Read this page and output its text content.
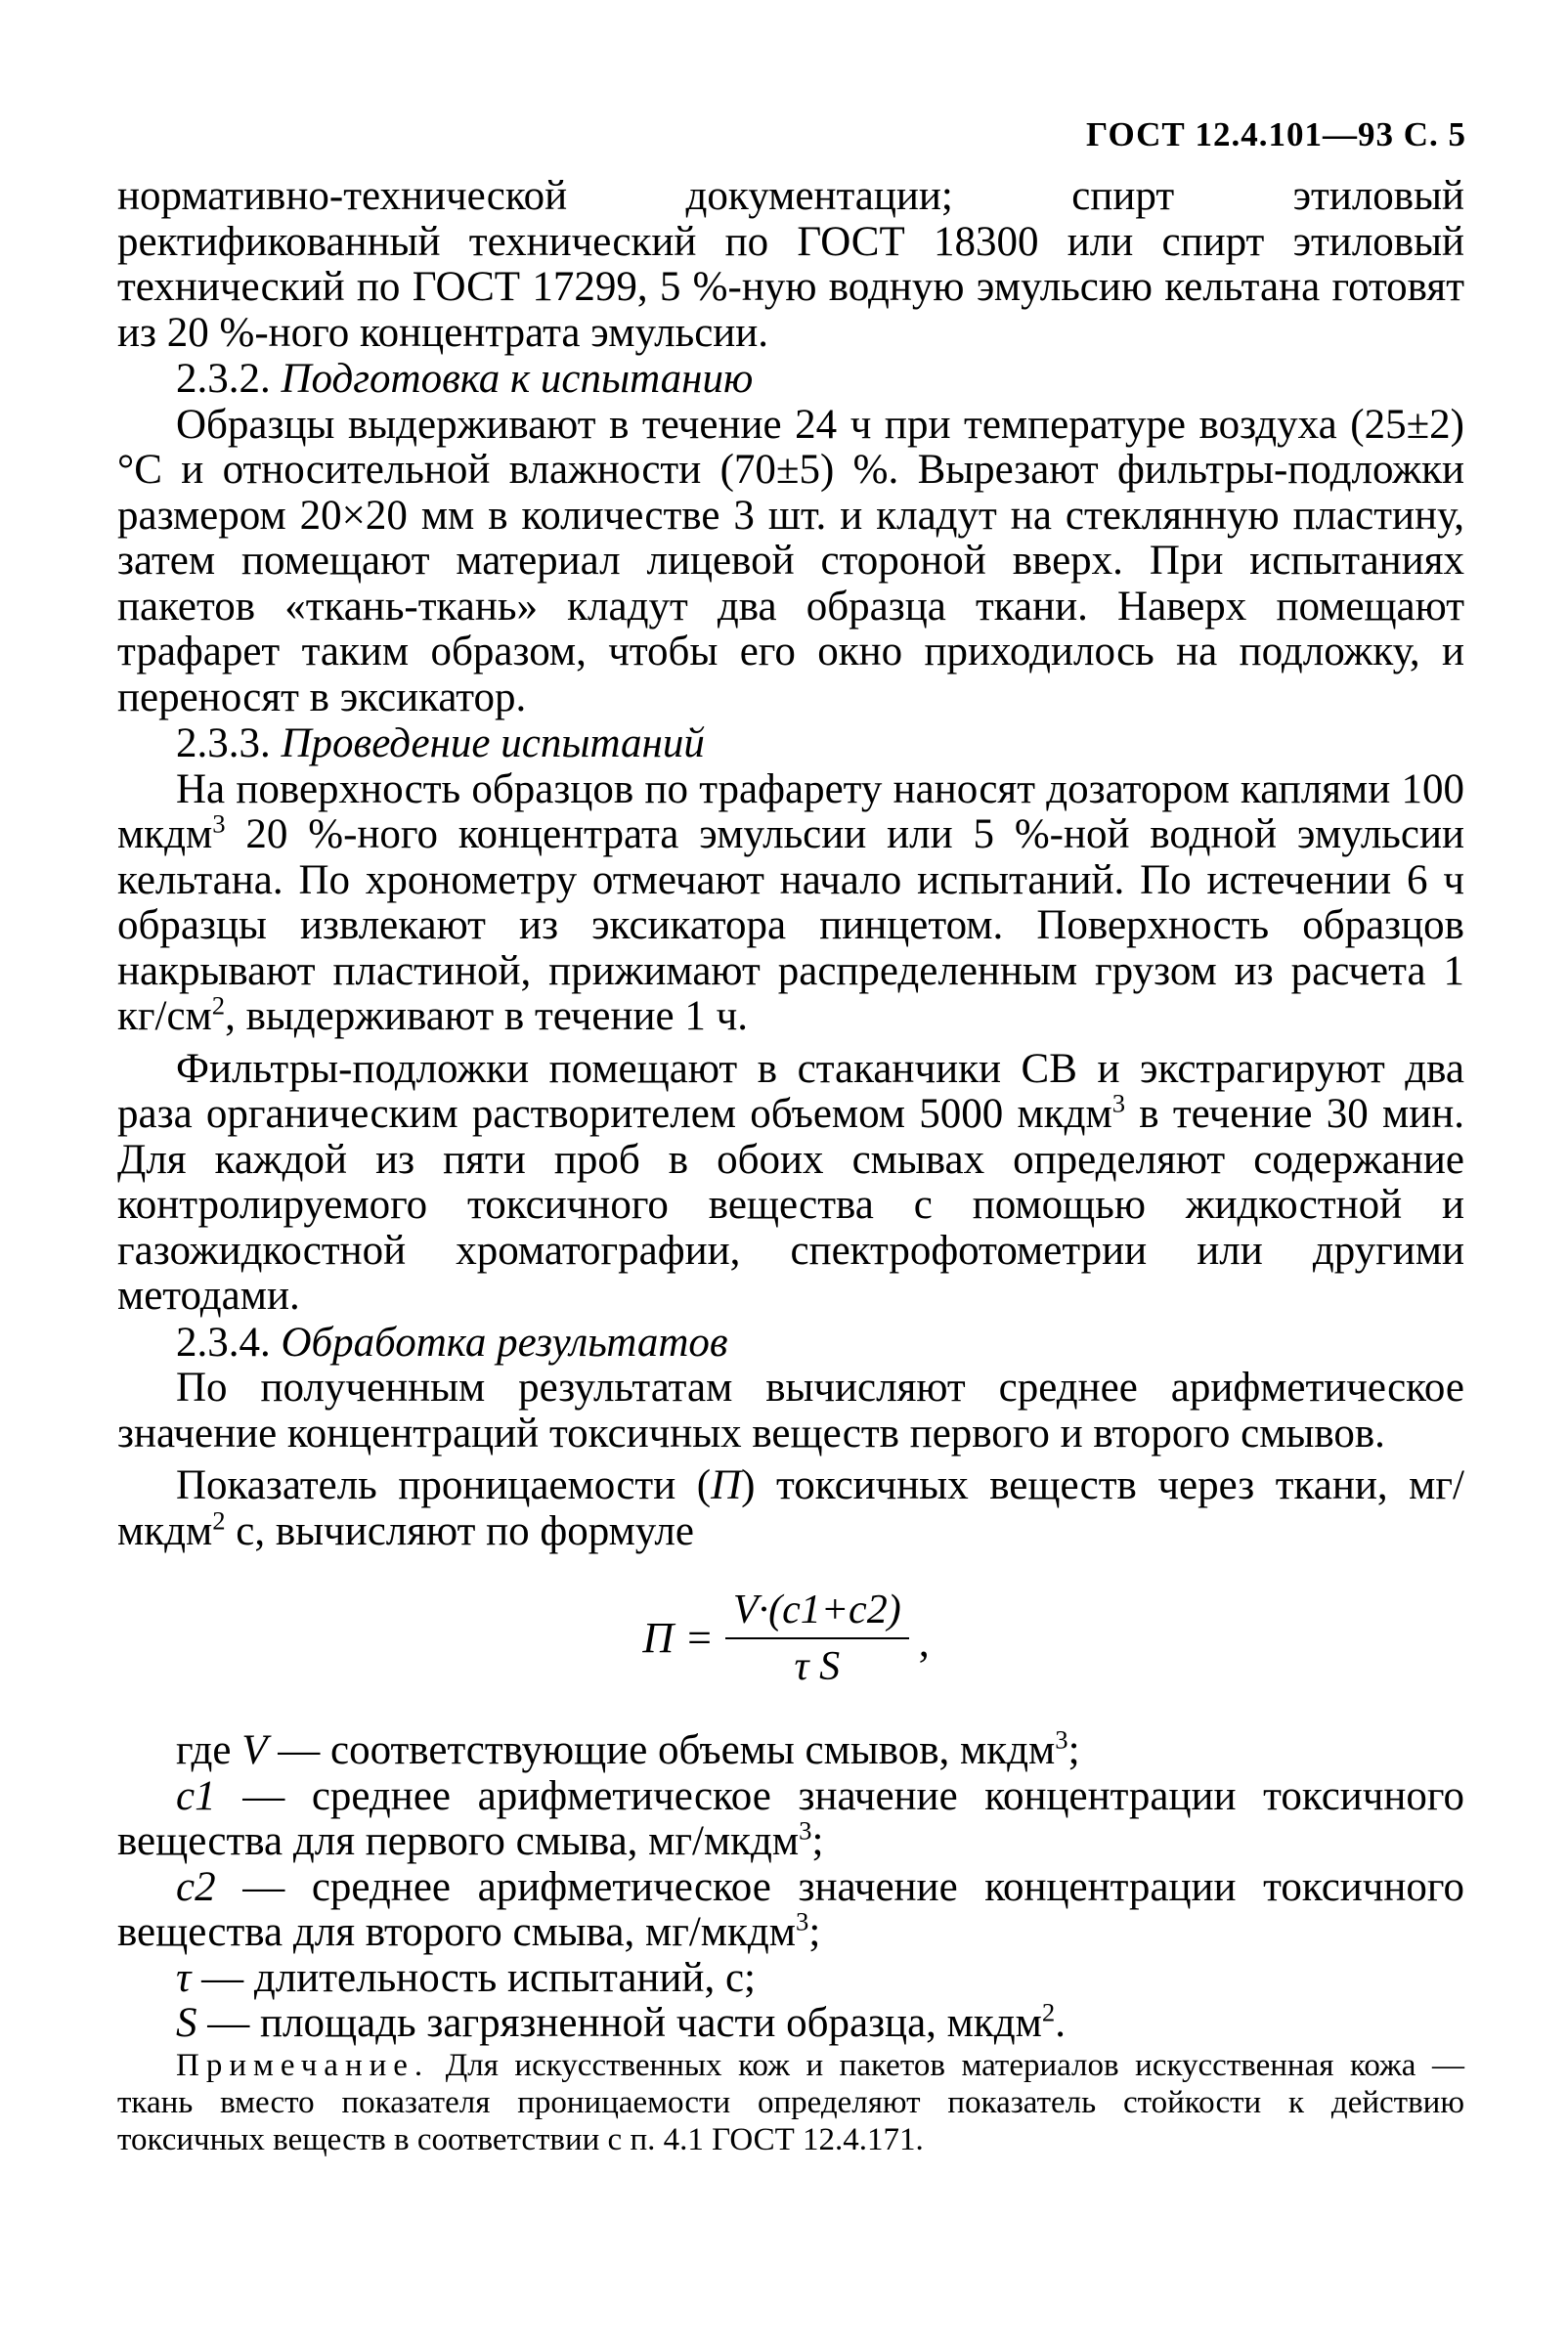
ГОСТ 12.4.101—93 С. 5

нормативно-технической документации; спирт этиловый ректификованный технический по ГОСТ 18300 или спирт этиловый технический по ГОСТ 17299, 5 %-ную водную эмульсию кельтана готовят из 20 %-ного концентрата эмульсии.

2.3.2. Подготовка к испытанию

Образцы выдерживают в течение 24 ч при температуре воздуха (25±2) °С и относительной влажности (70±5) %. Вырезают фильтры-подложки размером 20×20 мм в количестве 3 шт. и кладут на стеклянную пластину, затем помещают материал лицевой стороной вверх. При испытаниях пакетов «ткань-ткань» кладут два образца ткани. Наверх помещают трафарет таким образом, чтобы его окно приходилось на подложку, и переносят в эксикатор.

2.3.3. Проведение испытаний

На поверхность образцов по трафарету наносят дозатором каплями 100 мкдм$^3$ 20 %-ного концентрата эмульсии или 5 %-ной водной эмульсии кельтана. По хронометру отмечают начало испытаний. По истечении 6 ч образцы извлекают из эксикатора пинцетом. Поверхность образцов накрывают пластиной, прижимают распределенным грузом из расчета 1 $кг/см^2$, выдерживают в течение 1 ч.

Фильтры-подложки помещают в стаканчики СВ и экстрагируют два раза органическим растворителем объемом 5000 мкдм$^3$ в течение 30 мин. Для каждой из пяти проб в обоих смывах определяют содержание контролируемого токсичного вещества с помощью жидкостной и газожидкостной хроматографии, спектрофотометрии или другими методами.

2.3.4. Обработка результатов

По полученным результатам вычисляют среднее арифметическое значение концентраций токсичных веществ первого и второго смывов.

Показатель проницаемости (П) токсичных веществ через ткани, мг/мкдм$^2$ с, вычисляют по формуле

$П = \frac{V\cdot(c1+c2)}{\text{τ S}}$ ,

где V — соответствующие объемы смывов, мкдм$^3$;

c1 — среднее арифметическое значение концентрации токсичного вещества для первого смыва, мг/мкдм$^3$;

c2 — среднее арифметическое значение концентрации токсичного вещества для второго смыва, мг/мкдм$^3$;

τ — длительность испытаний, с;

S — площадь загрязненной части образца, мкдм$^2$.

Примечание. Для искусственных кож и пакетов материалов искусственная кожа — ткань вместо показателя проницаемости определяют показатель стойкости к действию токсичных веществ в соответствии с п. 4.1 ГОСТ 12.4.171.
